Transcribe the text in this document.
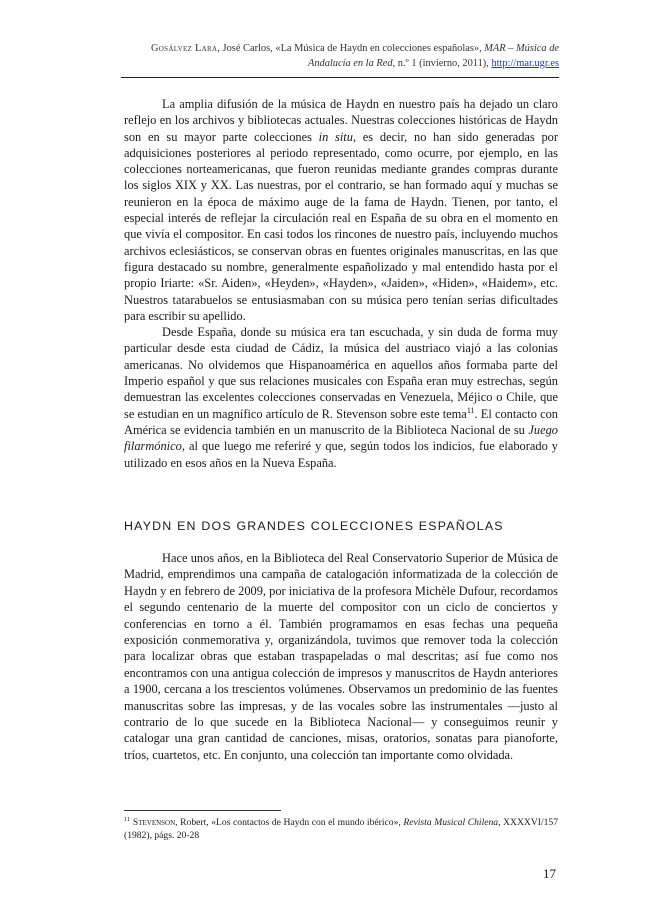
Gosálvez Lara, José Carlos, «La Música de Haydn en colecciones españolas», MAR – Música de Andalucía en la Red, n.º 1 (invierno, 2011), http://mar.ugr.es

La amplia difusión de la música de Haydn en nuestro país ha dejado un claro reflejo en los archivos y bibliotecas actuales. Nuestras colecciones históricas de Haydn son en su mayor parte colecciones in situ, es decir, no han sido generadas por adquisiciones posteriores al periodo representado, como ocurre, por ejemplo, en las colecciones norteamericanas, que fueron reunidas mediante grandes compras durante los siglos XIX y XX. Las nuestras, por el contrario, se han formado aquí y muchas se reunieron en la época de máximo auge de la fama de Haydn. Tienen, por tanto, el especial interés de reflejar la circulación real en España de su obra en el momento en que vivía el compositor. En casi todos los rincones de nuestro país, incluyendo muchos archivos eclesiásticos, se conservan obras en fuentes originales manuscritas, en las que figura destacado su nombre, generalmente españolizado y mal entendido hasta por el propio Iriarte: «Sr. Aiden», «Heyden», «Hayden», «Jaiden», «Hiden», «Haidem», etc. Nuestros tatarabuelos se entusiasmaban con su música pero tenían serias dificultades para escribir su apellido.

Desde España, donde su música era tan escuchada, y sin duda de forma muy particular desde esta ciudad de Cádiz, la música del austriaco viajó a las colonias americanas. No olvidemos que Hispanoamérica en aquellos años formaba parte del Imperio español y que sus relaciones musicales con España eran muy estrechas, según demuestran las excelentes colecciones conservadas en Venezuela, Méjico o Chile, que se estudian en un magnífico artículo de R. Stevenson sobre este tema$^{11}$. El contacto con América se evidencia también en un manuscrito de la Biblioteca Nacional de su Juego filarmónico, al que luego me referiré y que, según todos los indicios, fue elaborado y utilizado en esos años en la Nueva España.

HAYDN EN DOS GRANDES COLECCIONES ESPAÑOLAS

Hace unos años, en la Biblioteca del Real Conservatorio Superior de Música de Madrid, emprendimos una campaña de catalogación informatizada de la colección de Haydn y en febrero de 2009, por iniciativa de la profesora Michèle Dufour, recordamos el segundo centenario de la muerte del compositor con un ciclo de conciertos y conferencias en torno a él. También programamos en esas fechas una pequeña exposición conmemorativa y, organizándola, tuvimos que remover toda la colección para localizar obras que estaban traspapeladas o mal descritas; así fue como nos encontramos con una antigua colección de impresos y manuscritos de Haydn anteriores a 1900, cercana a los trescientos volúmenes. Observamos un predominio de las fuentes manuscritas sobre las impresas, y de las vocales sobre las instrumentales —justo al contrario de lo que sucede en la Biblioteca Nacional— y conseguimos reunir y catalogar una gran cantidad de canciones, misas, oratorios, sonatas para pianoforte, tríos, cuartetos, etc. En conjunto, una colección tan importante como olvidada.

$^{11}$ Stevenson, Robert, «Los contactos de Haydn con el mundo ibérico», Revista Musical Chilena, XXXXVI/157 (1982), págs. 20-28
17
